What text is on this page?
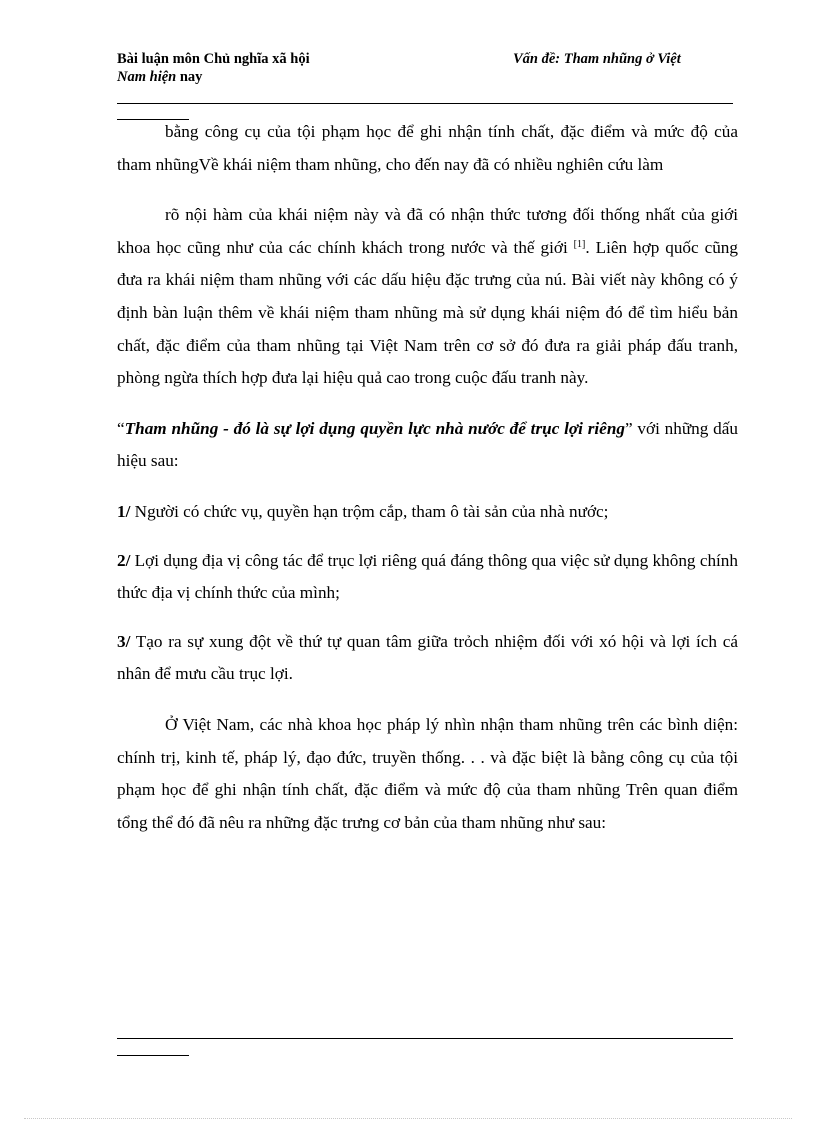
Bài luận môn Chủ nghĩa xã hội
Nam hiện nay
Vấn đề: Tham nhũng ở Việt

bằng công cụ của tội phạm học để ghi nhận tính chất, đặc điểm và mức độ của tham nhũngVề khái niệm tham nhũng, cho đến nay đã có nhiều nghiên cứu làm

rõ nội hàm của khái niệm này và đã có nhận thức tương đối thống nhất của giới khoa học cũng như của các chính khách trong nước và thế giới [1]. Liên hợp quốc cũng đưa ra khái niệm tham nhũng với các dấu hiệu đặc trưng của nú. Bài viết này không có ý định bàn luận thêm về khái niệm tham nhũng mà sử dụng khái niệm đó để tìm hiểu bản chất, đặc điểm của tham nhũng tại Việt Nam trên cơ sở đó đưa ra giải pháp đấu tranh, phòng ngừa thích hợp đưa lại hiệu quả cao trong cuộc đấu tranh này.

“Tham nhũng - đó là sự lợi dụng quyền lực nhà nước để trục lợi riêng” với những dấu hiệu sau:

1/ Người có chức vụ, quyền hạn trộm cắp, tham ô tài sản của nhà nước;

2/ Lợi dụng địa vị công tác để trục lợi riêng quá đáng thông qua việc sử dụng không chính thức địa vị chính thức của mình;

3/ Tạo ra sự xung đột về thứ tự quan tâm giữa trỏch nhiệm đối với xó hội và lợi ích cá nhân để mưu cầu trục lợi.

Ở Việt Nam, các nhà khoa học pháp lý nhìn nhận tham nhũng trên các bình diện: chính trị, kinh tế, pháp lý, đạo đức, truyền thống. . . và đặc biệt là bằng công cụ của tội phạm học để ghi nhận tính chất, đặc điểm và mức độ của tham nhũng Trên quan điểm tổng thể đó đã nêu ra những đặc trưng cơ bản của tham nhũng như sau:
